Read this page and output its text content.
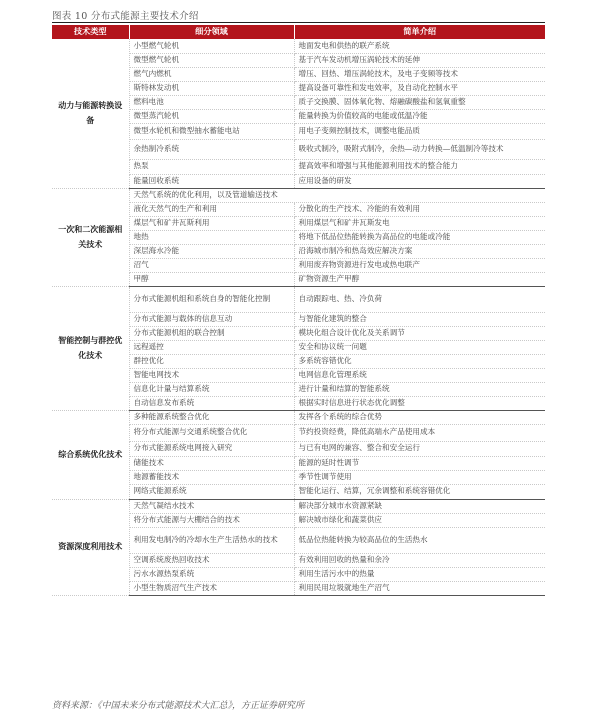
图表 10 分布式能源主要技术介绍
技术类型	细分领域	简单介绍
动力与能源转换设备	小型燃气轮机	地面发电和供热的联产系统
	微型燃气轮机	基于汽车发动机增压涡轮技术的延伸
	燃气内燃机	增压、回热、增压涡轮技术，及电子变频等技术
	斯特林发动机	提高设备可靠性和发电效率，及自动化控制水平
	燃料电池	质子交换膜、固体氧化物、熔融碳酸盐和氢氧重整
	微型蒸汽轮机	能量转换为价值较高的电能或低温冷能
	微型水轮机和微型抽水蓄能电站	用电子变频控制技术，调整电能品质
	余热制冷系统	吸收式制冷，吸附式制冷，余热—动力转换—低温制冷等技术
	热泵	提高效率和增强与其他能源利用技术的整合能力
	能量回收系统	应用设备的研发
一次和二次能源相关技术	天然气系统的优化利用，以及管道输送技术	
	液化天然气的生产和利用	分散化的生产技术、冷能的有效利用
	煤层气和矿井瓦斯利用	利用煤层气和矿井瓦斯发电
	地热	将地下低品位热能转换为高品位的电能或冷能
	深层海水冷能	沿海城市制冷和热岛效应解决方案
	沼气	利用废弃物资源进行发电或热电联产
	甲醇	矿物资源生产甲醇
智能控制与群控优化技术	分布式能源机组和系统自身的智能化控制	自动跟踪电、热、冷负荷
	分布式能源与载体的信息互动	与智能化建筑的整合
	分布式能源机组的联合控制	模块化组合设计优化及关系调节
	远程遥控	安全和协议统一问题
	群控优化	多系统容错优化
	智能电网技术	电网信息化管理系统
	信息化计量与结算系统	进行计量和结算的智能系统
	自动信息发布系统	根据实时信息进行状态优化调整
综合系统优化技术	多种能源系统整合优化	发挥各个系统的综合优势
	将分布式能源与交通系统整合优化	节约投资经费，降低高端水产品使用成本
	分布式能源系统电网接入研究	与已有电网的兼容、整合和安全运行
	储能技术	能源的延时性调节
	地源蓄能技术	季节性调节使用
	网络式能源系统	智能化运行、结算，冗余调整和系统容错优化
资源深度利用技术	天然气凝结水技术	解决部分城市水资源紧缺
	将分布式能源与大棚结合的技术	解决城市绿化和蔬菜供应
	利用发电制冷的冷却水生产生活热水的技术	低品位热能转换为较高品位的生活热水
	空调系统废热回收技术	有效利用回收的热量和余冷
	污水水源热泵系统	利用生活污水中的热量
	小型生物质沼气生产技术	利用民用垃圾就地生产沼气
资料来源：《中国未来分布式能源技术大汇总》，方正证券研究所
